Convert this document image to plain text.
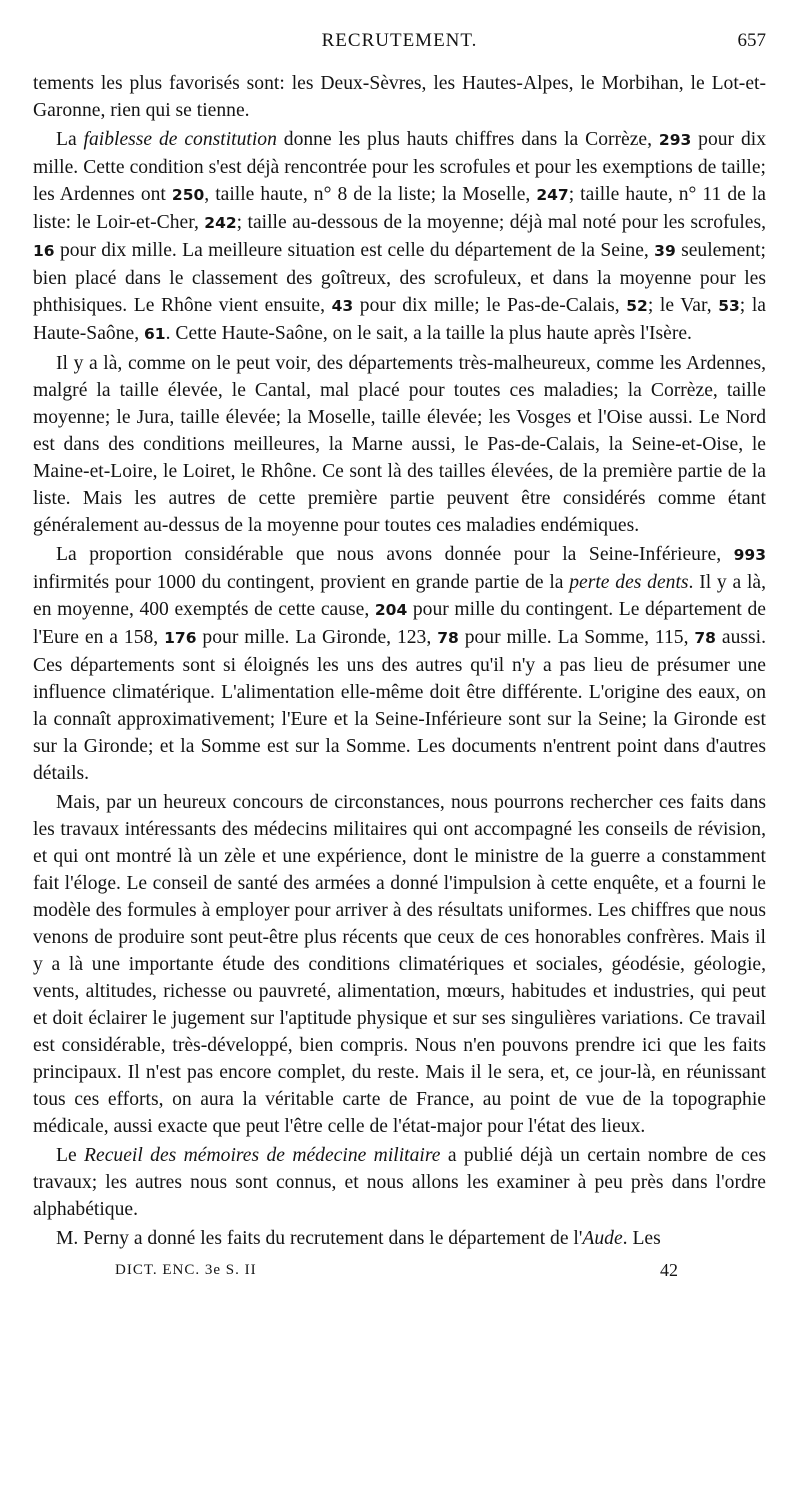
RECRUTEMENT.	657

tements les plus favorisés sont: les Deux-Sèvres, les Hautes-Alpes, le Morbihan, le Lot-et-Garonne, rien qui se tienne.

La faiblesse de constitution donne les plus hauts chiffres dans la Corrèze, 293 pour dix mille. Cette condition s'est déjà rencontrée pour les scrofules et pour les exemptions de taille; les Ardennes ont 250, taille haute, n° 8 de la liste; la Moselle, 247; taille haute, n° 11 de la liste: le Loir-et-Cher, 242; taille au-dessous de la moyenne; déjà mal noté pour les scrofules, 16 pour dix mille. La meilleure situation est celle du département de la Seine, 39 seulement; bien placé dans le classement des goîtreux, des scrofuleux, et dans la moyenne pour les phthisiques. Le Rhône vient ensuite, 43 pour dix mille; le Pas-de-Calais, 52; le Var, 53; la Haute-Saône, 61. Cette Haute-Saône, on le sait, a la taille la plus haute après l'Isère.

Il y a là, comme on le peut voir, des départements très-malheureux, comme les Ardennes, malgré la taille élevée, le Cantal, mal placé pour toutes ces maladies; la Corrèze, taille moyenne; le Jura, taille élevée; la Moselle, taille élevée; les Vosges et l'Oise aussi. Le Nord est dans des conditions meilleures, la Marne aussi, le Pas-de-Calais, la Seine-et-Oise, le Maine-et-Loire, le Loiret, le Rhône. Ce sont là des tailles élevées, de la première partie de la liste. Mais les autres de cette première partie peuvent être considérés comme étant généralement au-dessus de la moyenne pour toutes ces maladies endémiques.

La proportion considérable que nous avons donnée pour la Seine-Inférieure, 993 infirmités pour 1000 du contingent, provient en grande partie de la perte des dents. Il y a là, en moyenne, 400 exemptés de cette cause, 204 pour mille du contingent. Le département de l'Eure en a 158, 176 pour mille. La Gironde, 123, 78 pour mille. La Somme, 115, 78 aussi. Ces départements sont si éloignés les uns des autres qu'il n'y a pas lieu de présumer une influence climatérique. L'alimentation elle-même doit être différente. L'origine des eaux, on la connaît approximativement; l'Eure et la Seine-Inférieure sont sur la Seine; la Gironde est sur la Gironde; et la Somme est sur la Somme. Les documents n'entrent point dans d'autres détails.

Mais, par un heureux concours de circonstances, nous pourrons rechercher ces faits dans les travaux intéressants des médecins militaires qui ont accompagné les conseils de révision, et qui ont montré là un zèle et une expérience, dont le ministre de la guerre a constamment fait l'éloge. Le conseil de santé des armées a donné l'impulsion à cette enquête, et a fourni le modèle des formules à employer pour arriver à des résultats uniformes. Les chiffres que nous venons de produire sont peut-être plus récents que ceux de ces honorables confrères. Mais il y a là une importante étude des conditions climatériques et sociales, géodésie, géologie, vents, altitudes, richesse ou pauvreté, alimentation, mœurs, habitudes et industries, qui peut et doit éclairer le jugement sur l'aptitude physique et sur ses singulières variations. Ce travail est considérable, très-développé, bien compris. Nous n'en pouvons prendre ici que les faits principaux. Il n'est pas encore complet, du reste. Mais il le sera, et, ce jour-là, en réunissant tous ces efforts, on aura la véritable carte de France, au point de vue de la topographie médicale, aussi exacte que peut l'être celle de l'état-major pour l'état des lieux.

Le Recueil des mémoires de médecine militaire a publié déjà un certain nombre de ces travaux; les autres nous sont connus, et nous allons les examiner à peu près dans l'ordre alphabétique.

M. Perny a donné les faits du recrutement dans le département de l'Aude. Les

DICT. ENC. 3e S. II	42
